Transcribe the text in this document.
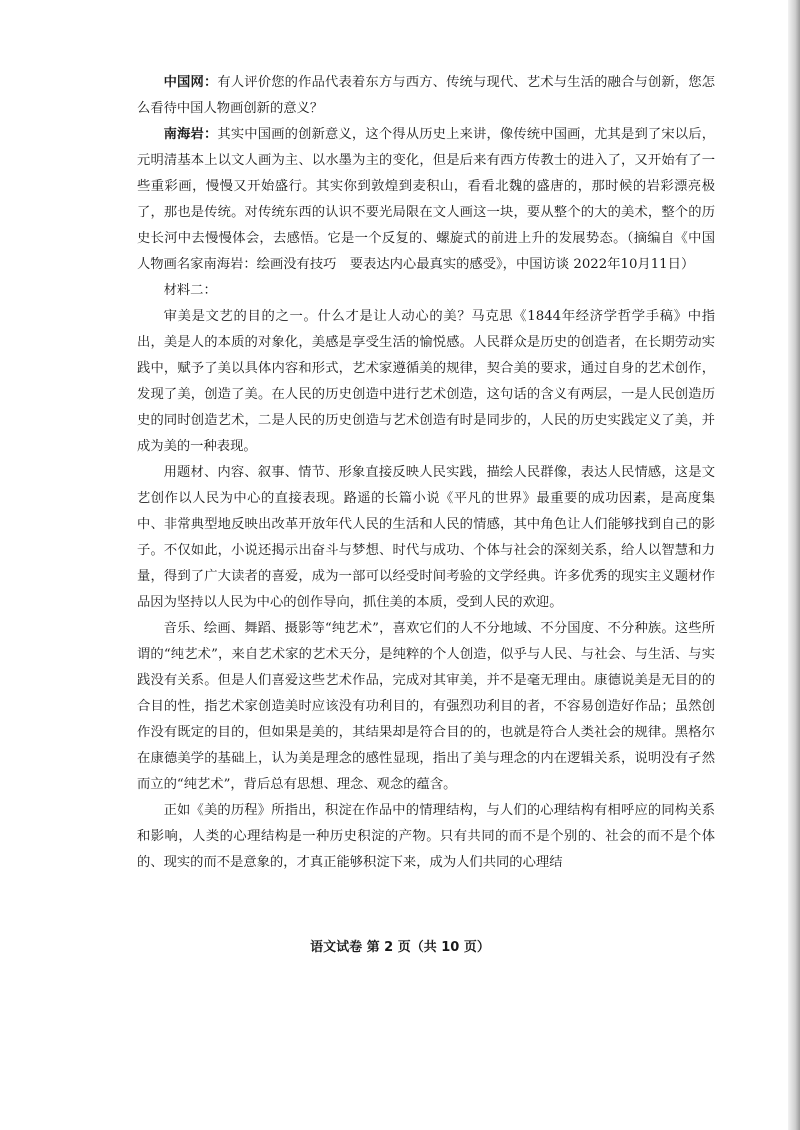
中国网：有人评价您的作品代表着东方与西方、传统与现代、艺术与生活的融合与创新，您怎么看待中国人物画创新的意义？

南海岩：其实中国画的创新意义，这个得从历史上来讲，像传统中国画，尤其是到了宋以后，元明清基本上以文人画为主、以水墨为主的变化，但是后来有西方传教士的进入了，又开始有了一些重彩画，慢慢又开始盛行。其实你到敦煌到麦积山，看看北魏的盛唐的，那时候的岩彩漂亮极了，那也是传统。对传统东西的认识不要光局限在文人画这一块，要从整个的大的美术，整个的历史长河中去慢慢体会，去感悟。它是一个反复的、螺旋式的前进上升的发展势态。（摘编自《中国人物画名家南海岩：绘画没有技巧　要表达内心最真实的感受》，中国访谈 2022年10月11日）

材料二：

审美是文艺的目的之一。什么才是让人动心的美？马克思《1844年经济学哲学手稿》中指出，美是人的本质的对象化，美感是享受生活的愉悦感。人民群众是历史的创造者，在长期劳动实践中，赋予了美以具体内容和形式，艺术家遵循美的规律，契合美的要求，通过自身的艺术创作，发现了美，创造了美。在人民的历史创造中进行艺术创造，这句话的含义有两层，一是人民创造历史的同时创造艺术，二是人民的历史创造与艺术创造有时是同步的，人民的历史实践定义了美，并成为美的一种表现。

用题材、内容、叙事、情节、形象直接反映人民实践，描绘人民群像，表达人民情感，这是文艺创作以人民为中心的直接表现。路遥的长篇小说《平凡的世界》最重要的成功因素，是高度集中、非常典型地反映出改革开放年代人民的生活和人民的情感，其中角色让人们能够找到自己的影子。不仅如此，小说还揭示出奋斗与梦想、时代与成功、个体与社会的深刻关系，给人以智慧和力量，得到了广大读者的喜爱，成为一部可以经受时间考验的文学经典。许多优秀的现实主义题材作品因为坚持以人民为中心的创作导向，抓住美的本质，受到人民的欢迎。

音乐、绘画、舞蹈、摄影等“纯艺术”，喜欢它们的人不分地域、不分国度、不分种族。这些所谓的“纯艺术”，来自艺术家的艺术天分，是纯粹的个人创造，似乎与人民、与社会、与生活、与实践没有关系。但是人们喜爱这些艺术作品，完成对其审美，并不是毫无理由。康德说美是无目的的合目的性，指艺术家创造美时应该没有功利目的，有强烈功利目的者，不容易创造好作品；虽然创作没有既定的目的，但如果是美的，其结果却是符合目的的，也就是符合人类社会的规律。黑格尔在康德美学的基础上，认为美是理念的感性显现，指出了美与理念的内在逻辑关系，说明没有孑然而立的“纯艺术”，背后总有思想、理念、观念的蕴含。

正如《美的历程》所指出，积淀在作品中的情理结构，与人们的心理结构有相呼应的同构关系和影响，人类的心理结构是一种历史积淀的产物。只有共同的而不是个别的、社会的而不是个体的、现实的而不是意象的，才真正能够积淀下来，成为人们共同的心理结

语文试卷 第 2 页（共 10 页）
